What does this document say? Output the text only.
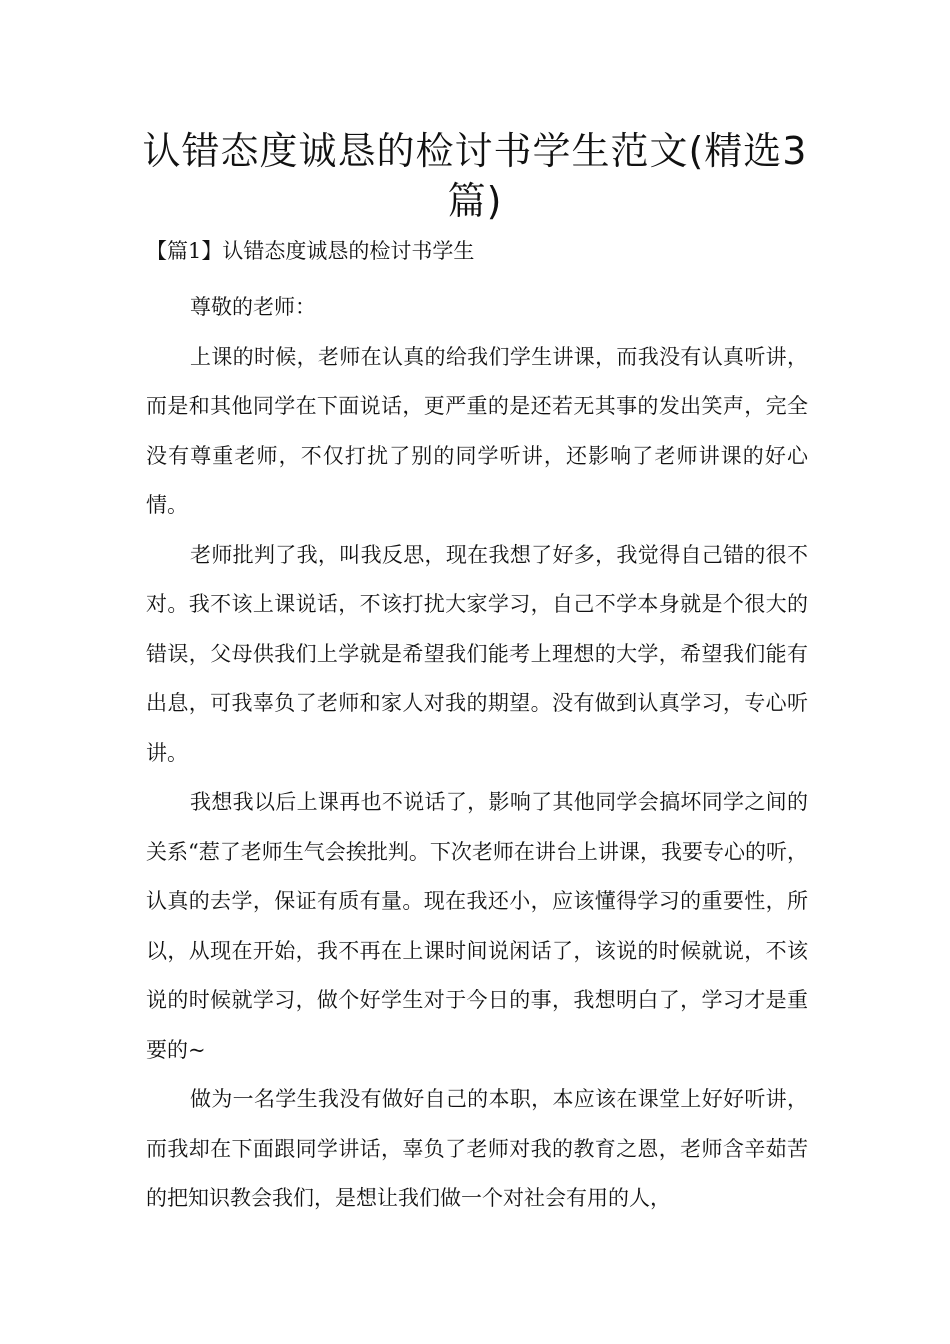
认错态度诚恳的检讨书学生范文(精选3篇)
【篇1】认错态度诚恳的检讨书学生

尊敬的老师：

上课的时候，老师在认真的给我们学生讲课，而我没有认真听讲，而是和其他同学在下面说话，更严重的是还若无其事的发出笑声，完全没有尊重老师，不仅打扰了别的同学听讲，还影响了老师讲课的好心情。

老师批判了我，叫我反思，现在我想了好多，我觉得自己错的很不对。我不该上课说话，不该打扰大家学习，自己不学本身就是个很大的错误，父母供我们上学就是希望我们能考上理想的大学，希望我们能有出息，可我辜负了老师和家人对我的期望。没有做到认真学习，专心听讲。

我想我以后上课再也不说话了，影响了其他同学会搞坏同学之间的关系“惹了老师生气会挨批判。下次老师在讲台上讲课，我要专心的听，认真的去学，保证有质有量。现在我还小，应该懂得学习的重要性，所以，从现在开始，我不再在上课时间说闲话了，该说的时候就说，不该说的时候就学习，做个好学生对于今日的事，我想明白了，学习才是重要的~

做为一名学生我没有做好自己的本职，本应该在课堂上好好听讲，而我却在下面跟同学讲话，辜负了老师对我的教育之恩，老师含辛茹苦的把知识教会我们，是想让我们做一个对社会有用的人，
